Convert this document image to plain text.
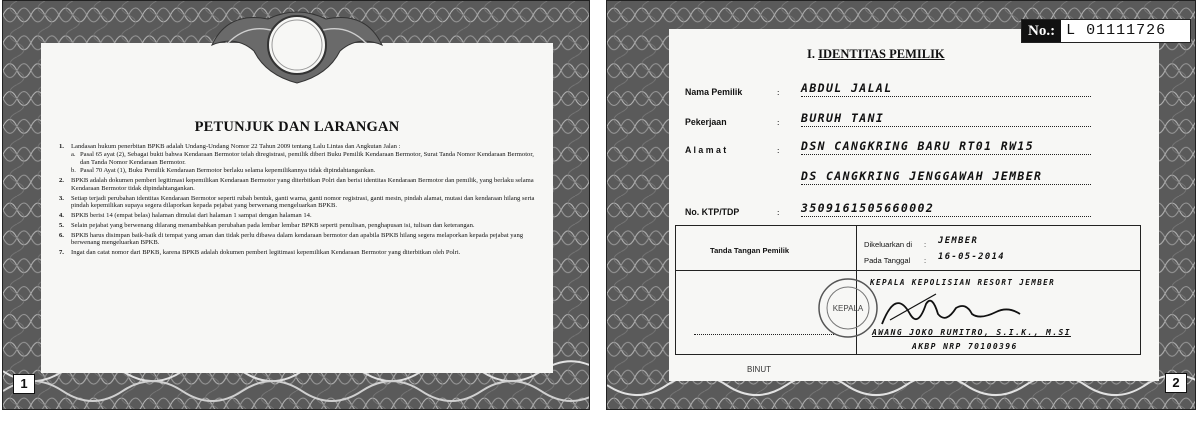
PETUNJUK DAN LARANGAN
1.	Landasan hukum penerbitan BPKB adalah Undang-Undang Nomor 22 Tahun 2009 tentang Lalu Lintas dan Angkutan Jalan :
a. Pasal 65 ayat (2), Sebagai bukti bahwa Kendaraan Bermotor telah diregistrasi, pemilik diberi Buku Pemilik Kendaraan Bermotor, Surat Tanda Nomor Kendaraan Bermotor, dan Tanda Nomor Kendaraan Bermotor.
b. Pasal 70 Ayat (1), Buku Pemilik Kendaraan Bermotor berlaku selama kepemilikannya tidak dipindahtangankan.
2.	BPKB adalah dokumen pemberi legitimasi kepemilikan Kendaraan Bermotor yang diterbitkan Polri dan berisi identitas Kendaraan Bermotor dan pemilik, yang berlaku selama Kendaraan Bermotor tidak dipindahtangankan.
3.	Setiap terjadi perubahan identitas Kendaraan Bermotor seperti rubah bentuk, ganti warna, ganti nomor registrasi, ganti mesin, pindah alamat, mutasi dan kendaraan hilang serta pindah kepemilikan supaya segera dilaporkan kepada pejabat yang berwenang mengeluarkan BPKB.
4.	BPKB berisi 14 (empat belas) halaman dimulai dari halaman 1 sampai dengan halaman 14.
5.	Selain pejabat yang berwenang dilarang menambahkan perubahan pada lembar lembar BPKB seperti penulisan, penghapusan isi, tulisan dan keterangan.
6.	BPKB harus disimpan baik-baik di tempat yang aman dan tidak perlu dibawa dalam kendaraan bermotor dan apabila BPKB hilang segera melaporkan kepada pejabat yang berwenang mengeluarkan BPKB.
7.	Ingat dan catat nomor dari BPKB, karena BPKB adalah dokumen pemberi legitimasi kepemilikan Kendaraan Bermotor yang diterbitkan oleh Polri.
1
I. IDENTITAS PEMILIK
Nama Pemilik	:	ABDUL JALAL
Pekerjaan	:	BURUH TANI
A l a m a t	:	DSN CANGKRING BARU RT01 RW15
DS CANGKRING JENGGAWAH JEMBER
No. KTP/TDP	:	3509161505660002
Tanda Tangan Pemilik
Dikeluarkan di : JEMBER
Pada Tanggal : 16-05-2014
KEPALA
KEPALA KEPOLISIAN RESORT JEMBER
AWANG JOKO RUMITRO, S.I.K., M.SI
AKBP NRP 70100396
No.: L 01111726
2
BINUT
